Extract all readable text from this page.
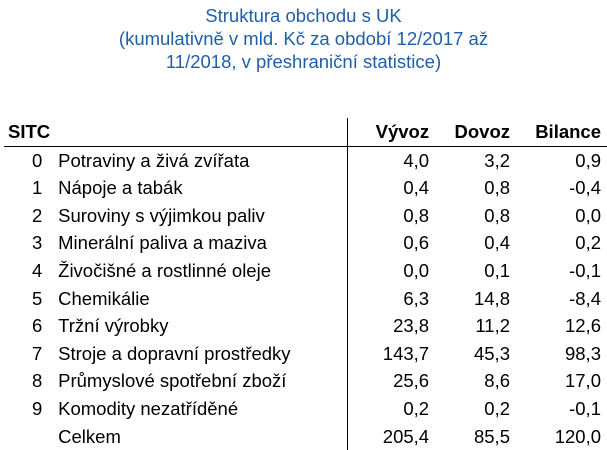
Struktura obchodu s UK
(kumulativně v mld. Kč za období 12/2017 až
11/2018, v přeshraniční statistice)
SITC		Vývoz	Dovoz	Bilance
0	Potraviny a živá zvířata	4,0	3,2	0,9
1	Nápoje a tabák	0,4	0,8	-0,4
2	Suroviny s výjimkou paliv	0,8	0,8	0,0
3	Minerální paliva a maziva	0,6	0,4	0,2
4	Živočišné a rostlinné oleje	0,0	0,1	-0,1
5	Chemikálie	6,3	14,8	-8,4
6	Tržní výrobky	23,8	11,2	12,6
7	Stroje a dopravní prostředky	143,7	45,3	98,3
8	Průmyslové spotřební zboží	25,6	8,6	17,0
9	Komodity nezatříděné	0,2	0,2	-0,1
	Celkem	205,4	85,5	120,0
